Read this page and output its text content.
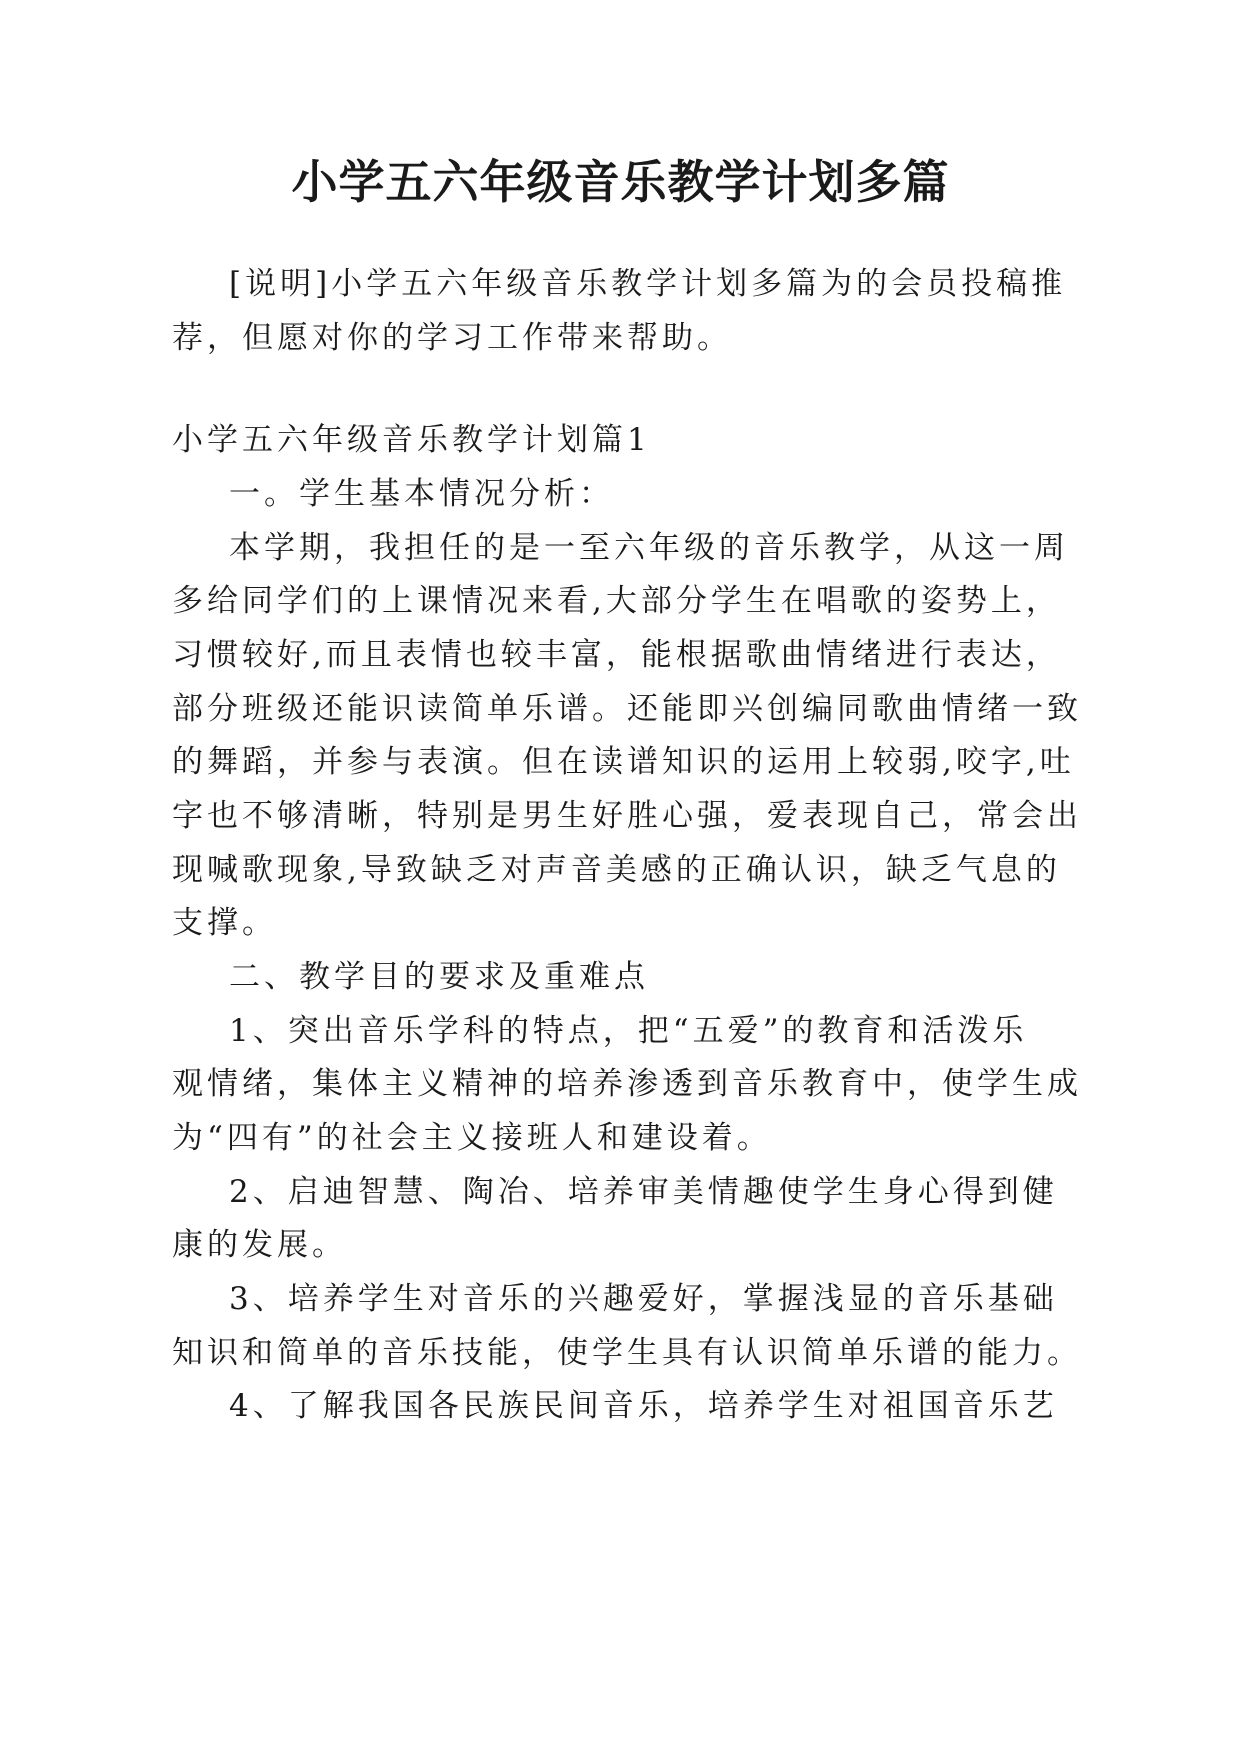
小学五六年级音乐教学计划多篇
[说明]小学五六年级音乐教学计划多篇为的会员投稿推
荐，但愿对你的学习工作带来帮助。
小学五六年级音乐教学计划篇1
一。学生基本情况分析：
本学期，我担任的是一至六年级的音乐教学，从这一周
多给同学们的上课情况来看,大部分学生在唱歌的姿势上，
习惯较好,而且表情也较丰富，能根据歌曲情绪进行表达，
部分班级还能识读简单乐谱。还能即兴创编同歌曲情绪一致
的舞蹈，并参与表演。但在读谱知识的运用上较弱,咬字,吐
字也不够清晰，特别是男生好胜心强，爱表现自己，常会出
现喊歌现象,导致缺乏对声音美感的正确认识，缺乏气息的
支撑。
二、教学目的要求及重难点
1、突出音乐学科的特点，把“五爱”的教育和活泼乐
观情绪，集体主义精神的培养渗透到音乐教育中，使学生成
为“四有”的社会主义接班人和建设着。
2、启迪智慧、陶冶、培养审美情趣使学生身心得到健
康的发展。
3、培养学生对音乐的兴趣爱好，掌握浅显的音乐基础
知识和简单的音乐技能，使学生具有认识简单乐谱的能力。
4、了解我国各民族民间音乐，培养学生对祖国音乐艺
